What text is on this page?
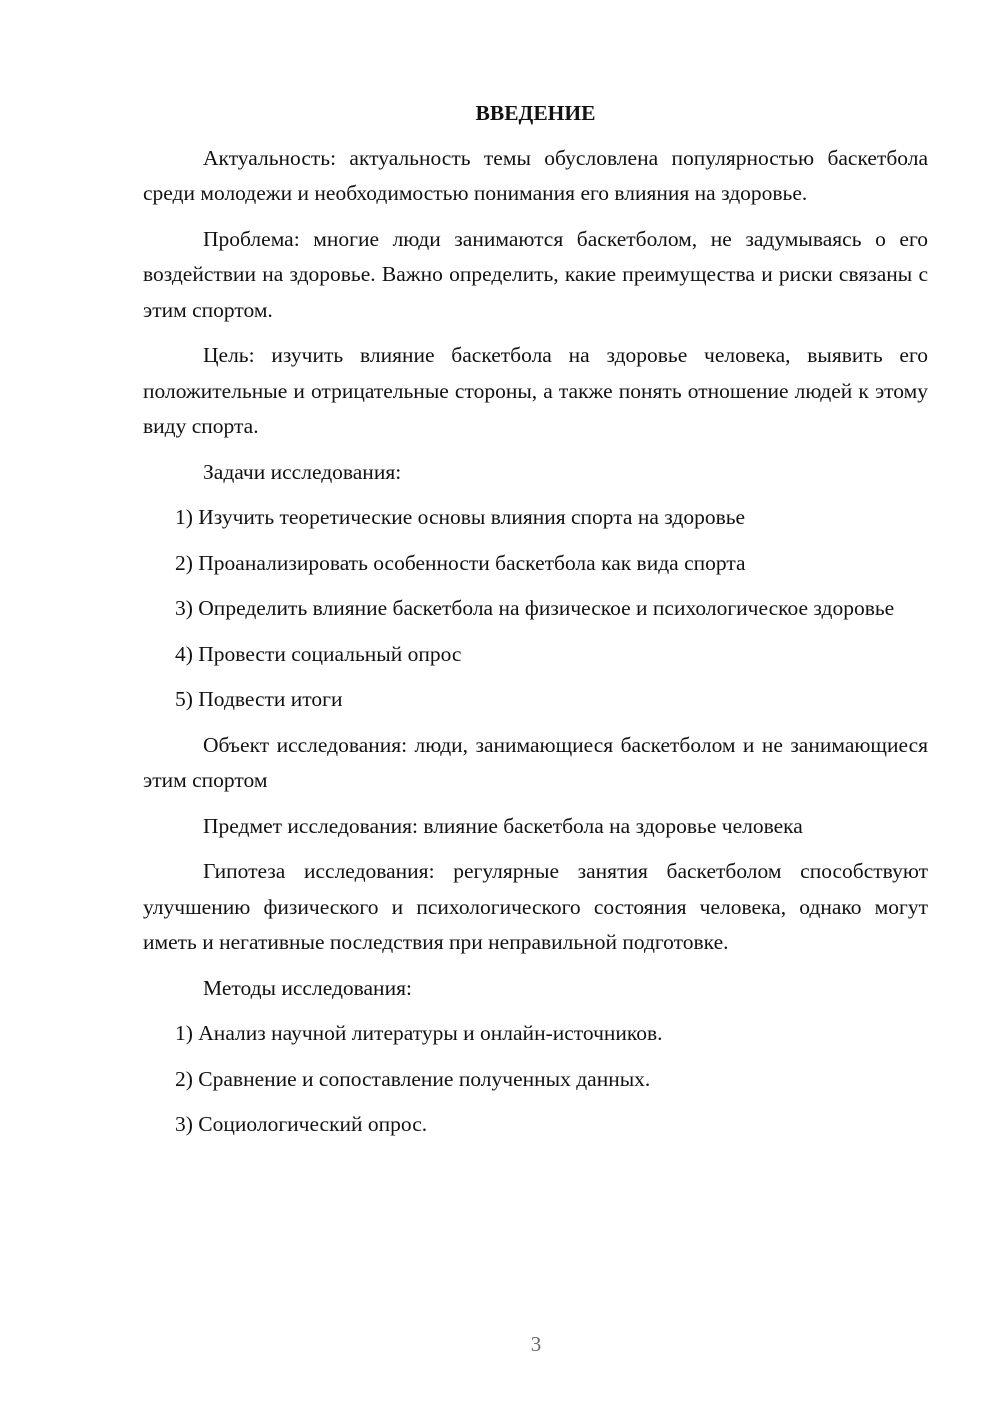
ВВЕДЕНИЕ

Актуальность: актуальность темы обусловлена популярностью баскетбола среди молодежи и необходимостью понимания его влияния на здоровье.

Проблема: многие люди занимаются баскетболом, не задумываясь о его воздействии на здоровье. Важно определить, какие преимущества и риски связаны с этим спортом.

Цель: изучить влияние баскетбола на здоровье человека, выявить его положительные и отрицательные стороны, а также понять отношение людей к этому виду спорта.

Задачи исследования:

1) Изучить теоретические основы влияния спорта на здоровье

2) Проанализировать особенности баскетбола как вида спорта

3) Определить влияние баскетбола на физическое и психологическое здоровье

4) Провести социальный опрос

5) Подвести итоги

Объект исследования: люди, занимающиеся баскетболом и не занимающиеся этим спортом

Предмет исследования: влияние баскетбола на здоровье человека

Гипотеза исследования: регулярные занятия баскетболом способствуют улучшению физического и психологического состояния человека, однако могут иметь и негативные последствия при неправильной подготовке.

Методы исследования:

1) Анализ научной литературы и онлайн-источников.

2) Сравнение и сопоставление полученных данных.

3) Социологический опрос.

3
